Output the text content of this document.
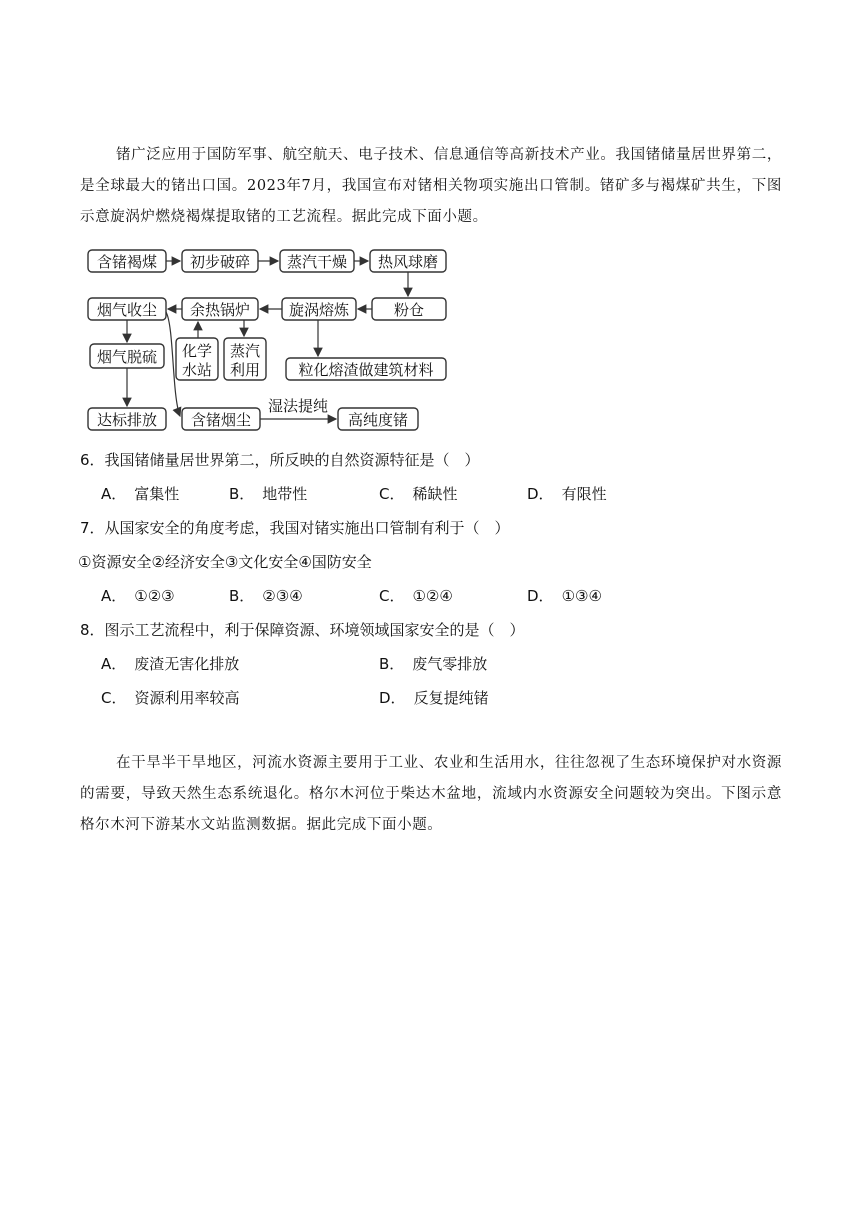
锗广泛应用于国防军事、航空航天、电子技术、信息通信等高新技术产业。我国锗储量居世界第二，是全球最大的锗出口国。2023年7月，我国宣布对锗相关物项实施出口管制。锗矿多与褐煤矿共生，下图示意旋涡炉燃烧褐煤提取锗的工艺流程。据此完成下面小题。
含锗褐煤 初步破碎 蒸汽干燥 热风球磨
烟气收尘 余热锅炉	旋涡熔炼	粉仓
烟气脱硫 化学
水站
蒸汽
利用	粒化熔渣做建筑材料
达标排放 含锗烟尘	高纯度锗
湿法提纯
6．我国锗储量居世界第二，所反映的自然资源特征是（　）
A． 富集性	B． 地带性	C． 稀缺性	D． 有限性
7．从国家安全的角度考虑，我国对锗实施出口管制有利于（　）
①资源安全②经济安全③文化安全④国防安全
A． ①②③	B． ②③④	C． ①②④	D． ①③④
8．图示工艺流程中，利于保障资源、环境领域国家安全的是（　）
A． 废渣无害化排放	B． 废气零排放
C． 资源利用率较高	D． 反复提纯锗
在干旱半干旱地区，河流水资源主要用于工业、农业和生活用水，往往忽视了生态环境保护对水资源的需要，导致天然生态系统退化。格尔木河位于柴达木盆地，流域内水资源安全问题较为突出。下图示意格尔木河下游某水文站监测数据。据此完成下面小题。
